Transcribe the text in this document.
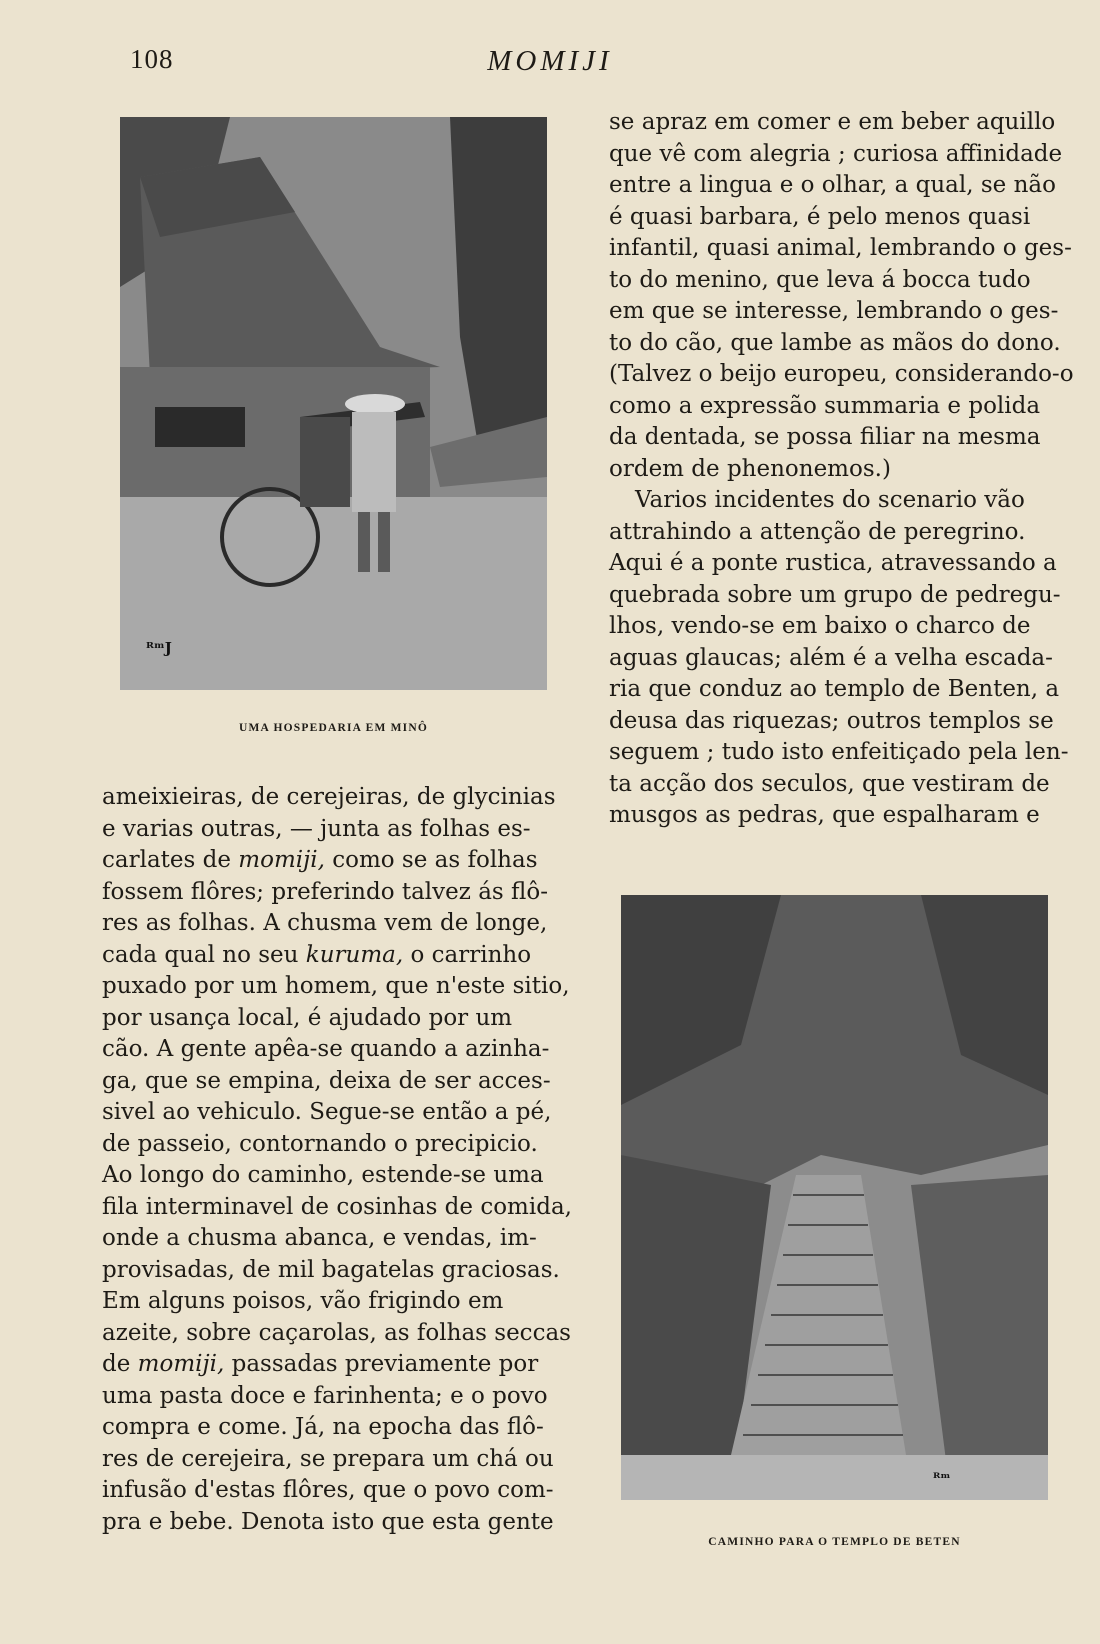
108	MOMIJI
ᴿᵐJ
UMA HOSPEDARIA EM MINÔ
se apraz em comer e em beber aquillo
que vê com alegria ; curiosa affinidade
entre a lingua e o olhar, a qual, se não
é quasi barbara, é pelo menos quasi
infantil, quasi animal, lembrando o ges-
to do menino, que leva á bocca tudo
em que se interesse, lembrando o ges-
to do cão, que lambe as mãos do dono.
(Talvez o beijo europeu, considerando-o
como a expressão summaria e polida
da dentada, se possa filiar na mesma
ordem de phenonemos.)
Varios incidentes do scenario vão
attrahindo a attenção de peregrino.
Aqui é a ponte rustica, atravessando a
quebrada sobre um grupo de pedregu-
lhos, vendo-se em baixo o charco de
aguas glaucas; além é a velha escada-
ria que conduz ao templo de Benten, a
deusa das riquezas; outros templos se
seguem ; tudo isto enfeitiçado pela len-
ta acção dos seculos, que vestiram de
musgos as pedras, que espalharam e
ameixieiras, de cerejeiras, de glycinias
e varias outras, — junta as folhas es-
carlates de momiji, como se as folhas
fossem flôres; preferindo talvez ás flô-
res as folhas. A chusma vem de longe,
cada qual no seu kuruma, o carrinho
puxado por um homem, que n'este sitio,
por usança local, é ajudado por um
cão. A gente apêa-se quando a azinha-
ga, que se empina, deixa de ser acces-
sivel ao vehiculo. Segue-se então a pé,
de passeio, contornando o precipicio.
Ao longo do caminho, estende-se uma
fila interminavel de cosinhas de comida,
onde a chusma abanca, e vendas, im-
provisadas, de mil bagatelas graciosas.
Em alguns poisos, vão frigindo em
azeite, sobre caçarolas, as folhas seccas
de momiji, passadas previamente por
uma pasta doce e farinhenta; e o povo
compra e come. Já, na epocha das flô-
res de cerejeira, se prepara um chá ou
infusão d'estas flôres, que o povo com-
pra e bebe. Denota isto que esta gente
ᴿᵐ
CAMINHO PARA O TEMPLO DE BETEN
